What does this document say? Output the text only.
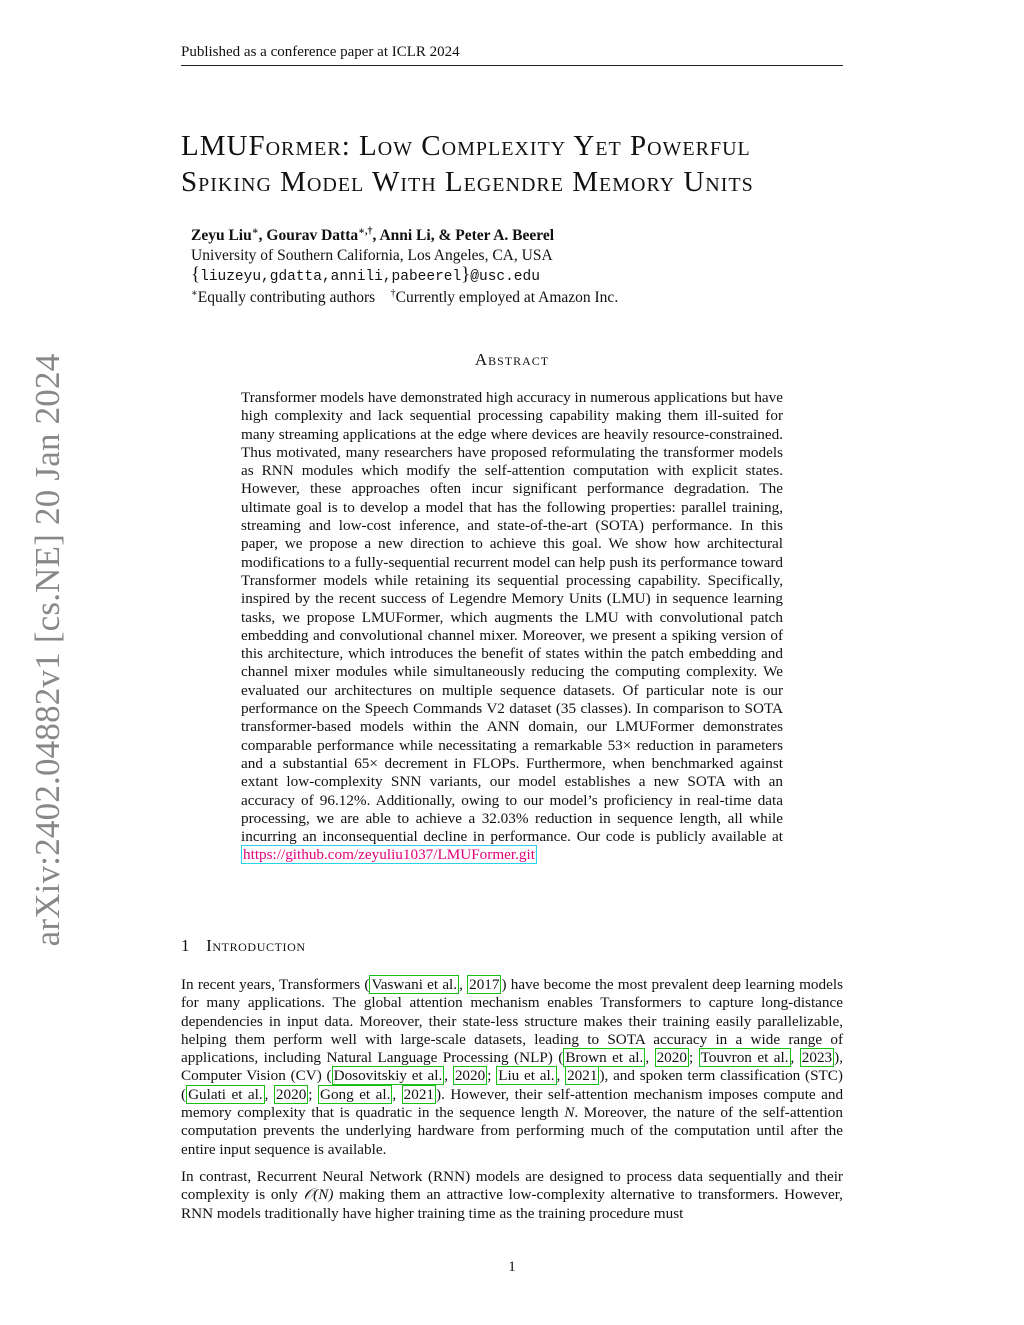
Published as a conference paper at ICLR 2024
arXiv:2402.04882v1 [cs.NE] 20 Jan 2024
LMUFormer: Low Complexity Yet Powerful
Spiking Model With Legendre Memory Units
Zeyu Liu∗, Gourav Datta∗,†, Anni Li, & Peter A. Beerel
University of Southern California, Los Angeles, CA, USA
{liuzeyu,gdatta,annili,pabeerel}@usc.edu
∗Equally contributing authors †Currently employed at Amazon Inc.
Abstract

Transformer models have demonstrated high accuracy in numerous applications but have high complexity and lack sequential processing capability making them ill-suited for many streaming applications at the edge where devices are heavily resource-constrained. Thus motivated, many researchers have proposed reformulating the transformer models as RNN modules which modify the self-attention computation with explicit states. However, these approaches often incur significant performance degradation. The ultimate goal is to develop a model that has the following properties: parallel training, streaming and low-cost inference, and state-of-the-art (SOTA) performance. In this paper, we propose a new direction to achieve this goal. We show how architectural modifications to a fully-sequential recurrent model can help push its performance toward Transformer models while retaining its sequential processing capability. Specifically, inspired by the recent success of Legendre Memory Units (LMU) in sequence learning tasks, we propose LMUFormer, which augments the LMU with convolutional patch embedding and convolutional channel mixer. Moreover, we present a spiking version of this architecture, which introduces the benefit of states within the patch embedding and channel mixer modules while simultaneously reducing the computing complexity. We evaluated our architectures on multiple sequence datasets. Of particular note is our performance on the Speech Commands V2 dataset (35 classes). In comparison to SOTA transformer-based models within the ANN domain, our LMUFormer demonstrates comparable performance while necessitating a remarkable 53× reduction in parameters and a substantial 65× decrement in FLOPs. Furthermore, when benchmarked against extant low-complexity SNN variants, our model establishes a new SOTA with an accuracy of 96.12%. Additionally, owing to our model’s proficiency in real-time data processing, we are able to achieve a 32.03% reduction in sequence length, all while incurring an inconsequential decline in performance. Our code is publicly available at https://github.com/zeyuliu1037/LMUFormer.git

1 Introduction

In recent years, Transformers ( Vaswani et al. , 2017 ) have become the most prevalent deep learning models for many applications. The global attention mechanism enables Transformers to capture long-distance dependencies in input data. Moreover, their state-less structure makes their training easily parallelizable, helping them perform well with large-scale datasets, leading to SOTA accuracy in a wide range of applications, including Natural Language Processing (NLP) ( Brown et al. , 2020 ; Touvron et al. , 2023 ), Computer Vision (CV) ( Dosovitskiy et al. , 2020 ; Liu et al. , 2021 ), and spoken term classification (STC) ( Gulati et al. , 2020 ; Gong et al. , 2021 ). However, their self-attention mechanism imposes compute and memory complexity that is quadratic in the sequence length N. Moreover, the nature of the self-attention computation prevents the underlying hardware from performing much of the computation until after the entire input sequence is available.

In contrast, Recurrent Neural Network (RNN) models are designed to process data sequentially and their complexity is only 𝒪(N) making them an attractive low-complexity alternative to transformers. However, RNN models traditionally have higher training time as the training procedure must

1
